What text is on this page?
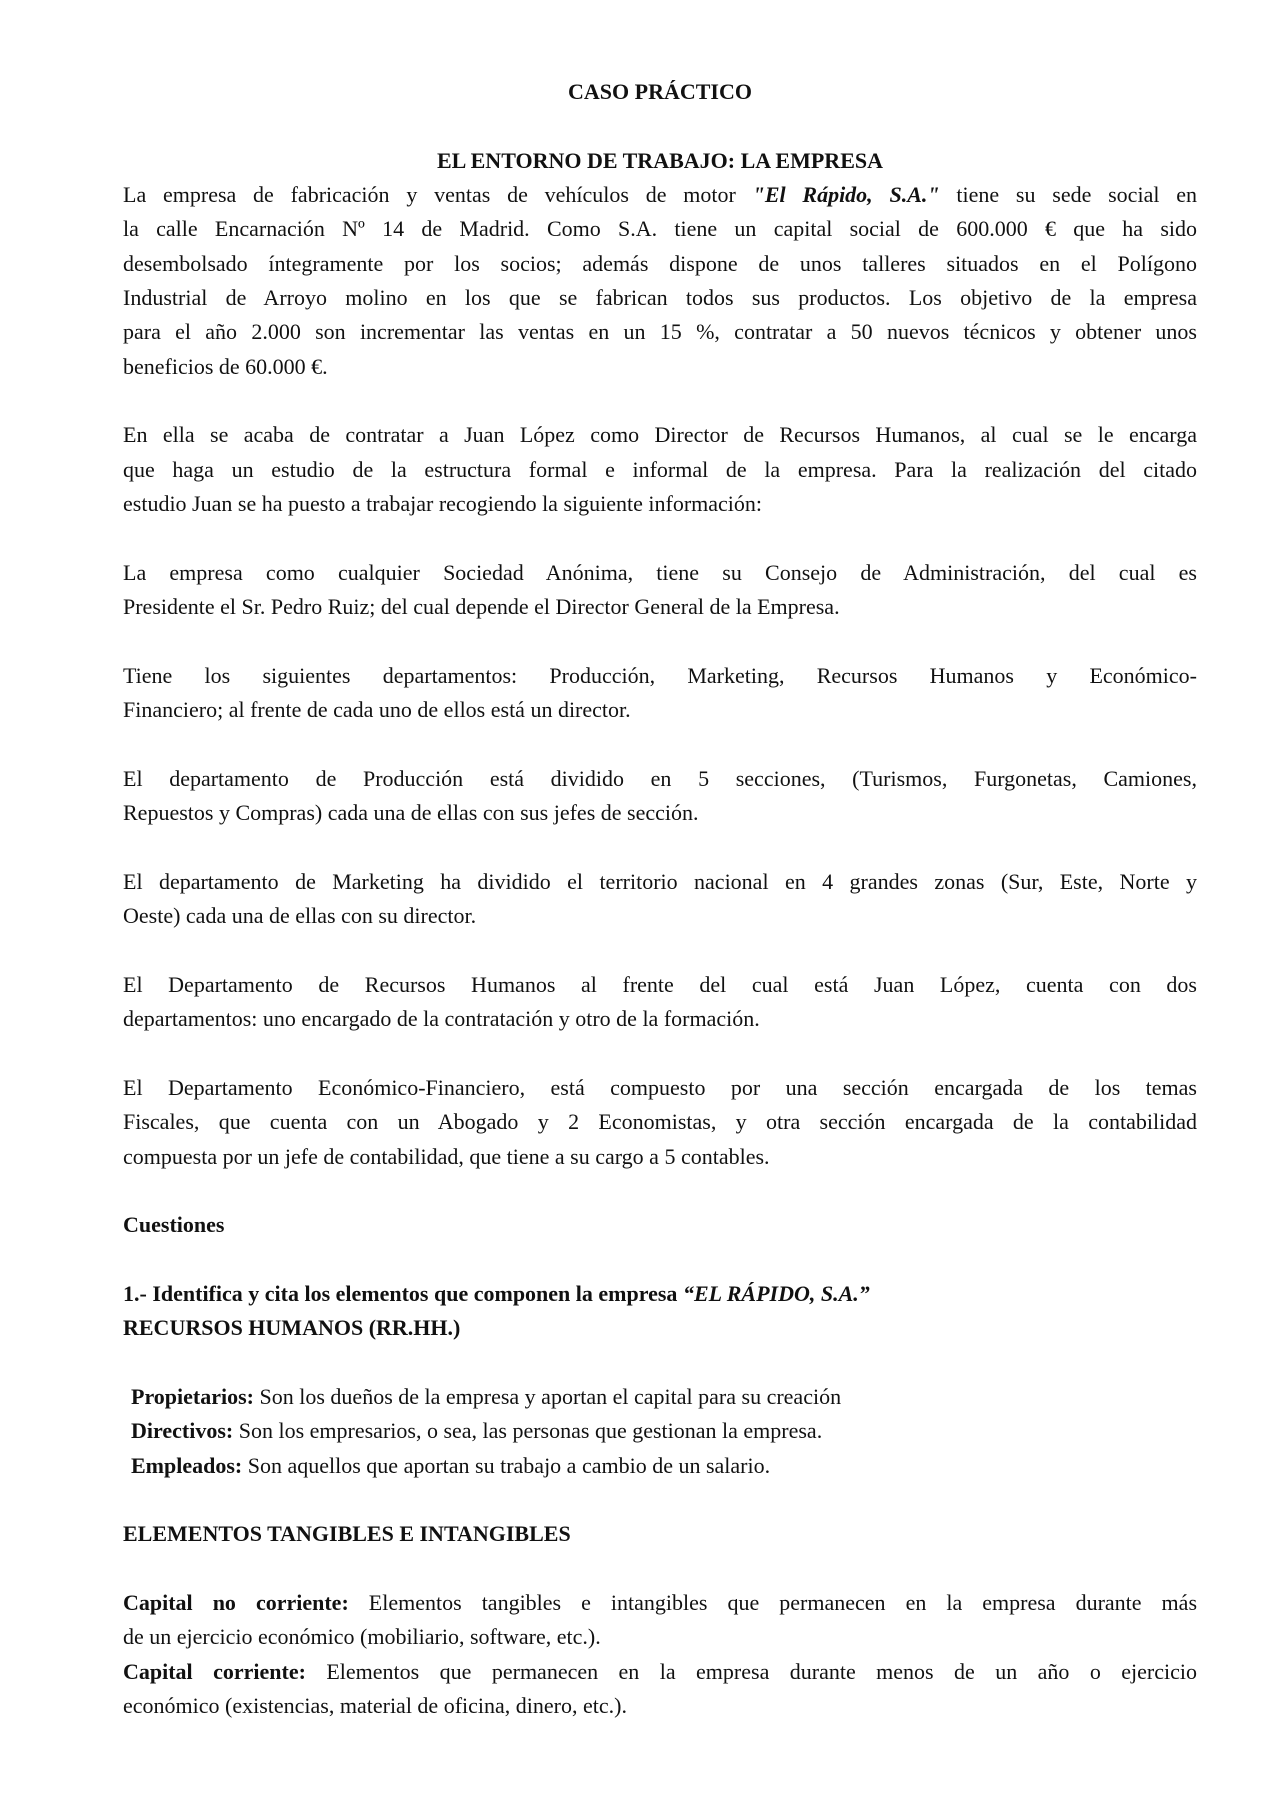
CASO PRÁCTICO
EL ENTORNO DE TRABAJO: LA EMPRESA
La empresa de fabricación y ventas de vehículos de motor "El Rápido, S.A." tiene su sede social en
la calle Encarnación Nº 14 de Madrid. Como S.A. tiene un capital social de 600.000 € que ha sido
desembolsado íntegramente por los socios; además dispone de unos talleres situados en el Polígono
Industrial de Arroyo molino en los que se fabrican todos sus productos. Los objetivo de la empresa
para el año 2.000 son incrementar las ventas en un 15 %, contratar a 50 nuevos técnicos y obtener unos
beneficios de 60.000 €.
En ella se acaba de contratar a Juan López como Director de Recursos Humanos, al cual se le encarga
que haga un estudio de la estructura formal e informal de la empresa. Para la realización del citado
estudio Juan se ha puesto a trabajar recogiendo la siguiente información:
La empresa como cualquier Sociedad Anónima, tiene su Consejo de Administración, del cual es
Presidente el Sr. Pedro Ruiz; del cual depende el Director General de la Empresa.
Tiene los siguientes departamentos: Producción, Marketing, Recursos Humanos y Económico-
Financiero; al frente de cada uno de ellos está un director.
El departamento de Producción está dividido en 5 secciones, (Turismos, Furgonetas, Camiones,
Repuestos y Compras) cada una de ellas con sus jefes de sección.
El departamento de Marketing ha dividido el territorio nacional en 4 grandes zonas (Sur, Este, Norte y
Oeste) cada una de ellas con su director.
El Departamento de Recursos Humanos al frente del cual está Juan López, cuenta con dos
departamentos: uno encargado de la contratación y otro de la formación.
El Departamento Económico-Financiero, está compuesto por una sección encargada de los temas
Fiscales, que cuenta con un Abogado y 2 Economistas, y otra sección encargada de la contabilidad
compuesta por un jefe de contabilidad, que tiene a su cargo a 5 contables.
Cuestiones
1.- Identifica y cita los elementos que componen la empresa “EL RÁPIDO, S.A.”
RECURSOS HUMANOS (RR.HH.)
Propietarios: Son los dueños de la empresa y aportan el capital para su creación
Directivos: Son los empresarios, o sea, las personas que gestionan la empresa.
Empleados: Son aquellos que aportan su trabajo a cambio de un salario.
ELEMENTOS TANGIBLES E INTANGIBLES
Capital no corriente: Elementos tangibles e intangibles que permanecen en la empresa durante más
de un ejercicio económico (mobiliario, software, etc.).
Capital corriente: Elementos que permanecen en la empresa durante menos de un año o ejercicio
económico (existencias, material de oficina, dinero, etc.).
